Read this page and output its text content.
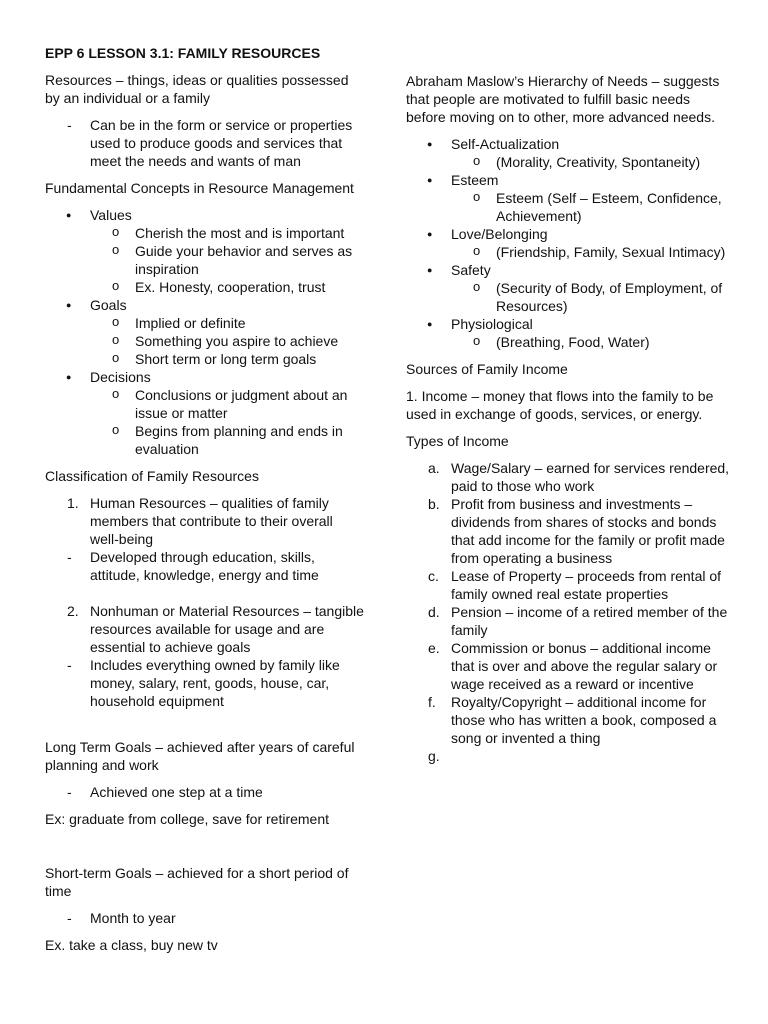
EPP 6 LESSON 3.1: FAMILY RESOURCES

Resources – things, ideas or qualities possessed by an individual or a family

- Can be in the form or service or properties used to produce goods and services that meet the needs and wants of man

Fundamental Concepts in Resource Management

● Values
o Cherish the most and is important
o Guide your behavior and serves as inspiration
o Ex. Honesty, cooperation, trust
● Goals
o Implied or definite
o Something you aspire to achieve
o Short term or long term goals
● Decisions
o Conclusions or judgment about an issue or matter
o Begins from planning and ends in evaluation

Classification of Family Resources

1. Human Resources – qualities of family members that contribute to their overall well-being
- Developed through education, skills, attitude, knowledge, energy and time
2. Nonhuman or Material Resources – tangible resources available for usage and are essential to achieve goals
- Includes everything owned by family like money, salary, rent, goods, house, car, household equipment

Long Term Goals – achieved after years of careful planning and work

- Achieved one step at a time

Ex: graduate from college, save for retirement

Short-term Goals – achieved for a short period of time

- Month to year

Ex. take a class, buy new tv

Abraham Maslow’s Hierarchy of Needs – suggests that people are motivated to fulfill basic needs before moving on to other, more advanced needs.

● Self-Actualization
o (Morality, Creativity, Spontaneity)
● Esteem
o Esteem (Self – Esteem, Confidence, Achievement)
● Love/Belonging
o (Friendship, Family, Sexual Intimacy)
● Safety
o (Security of Body, of Employment, of Resources)
● Physiological
o (Breathing, Food, Water)

Sources of Family Income

1. Income – money that flows into the family to be used in exchange of goods, services, or energy.

Types of Income

a. Wage/Salary – earned for services rendered, paid to those who work
b. Profit from business and investments – dividends from shares of stocks and bonds that add income for the family or profit made from operating a business
c. Lease of Property – proceeds from rental of family owned real estate properties
d. Pension – income of a retired member of the family
e. Commission or bonus – additional income that is over and above the regular salary or wage received as a reward or incentive
f. Royalty/Copyright – additional income for those who has written a book, composed a song or invented a thing
g.
